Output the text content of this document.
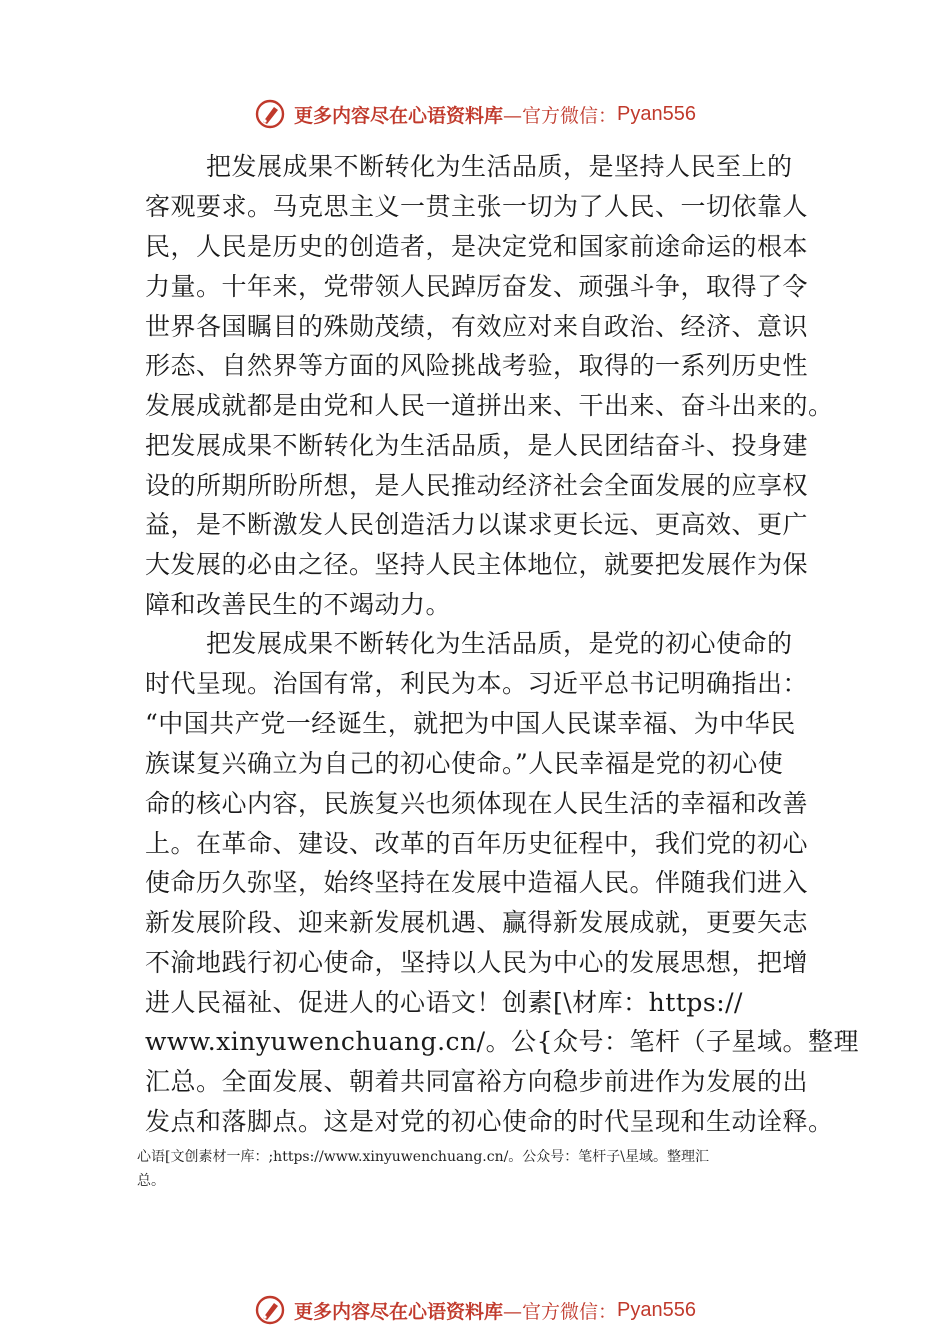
更多内容尽在心语资料库 —官方微信： Pyan556
把发展成果不断转化为生活品质，是坚持人民至上的
客观要求。马克思主义一贯主张一切为了人民、一切依靠人
民，人民是历史的创造者，是决定党和国家前途命运的根本
力量。十年来，党带领人民踔厉奋发、顽强斗争，取得了令
世界各国瞩目的殊勋茂绩，有效应对来自政治、经济、意识
形态、自然界等方面的风险挑战考验，取得的一系列历史性
发展成就都是由党和人民一道拼出来、干出来、奋斗出来的。
把发展成果不断转化为生活品质，是人民团结奋斗、投身建
设的所期所盼所想，是人民推动经济社会全面发展的应享权
益，是不断激发人民创造活力以谋求更长远、更高效、更广
大发展的必由之径。坚持人民主体地位，就要把发展作为保
障和改善民生的不竭动力。
把发展成果不断转化为生活品质，是党的初心使命的
时代呈现。治国有常，利民为本。习近平总书记明确指出：
“中国共产党一经诞生，就把为中国人民谋幸福、为中华民
族谋复兴确立为自己的初心使命。”人民幸福是党的初心使
命的核心内容，民族复兴也须体现在人民生活的幸福和改善
上。在革命、建设、改革的百年历史征程中，我们党的初心
使命历久弥坚，始终坚持在发展中造福人民。伴随我们进入
新发展阶段、迎来新发展机遇、赢得新发展成就，更要矢志
不渝地践行初心使命，坚持以人民为中心的发展思想，把增
进人民福祉、促进人的心语文！创素[\材库：https://
www.xinyuwenchuang.cn/。公{众号：笔杆（子星域。整理
汇总。全面发展、朝着共同富裕方向稳步前进作为发展的出
发点和落脚点。这是对党的初心使命的时代呈现和生动诠释。
心语[文创素材一库：;https://www.xinyuwenchuang.cn/。公众号：笔杆子\星域。整理汇
总。
更多内容尽在心语资料库 —官方微信： Pyan556
